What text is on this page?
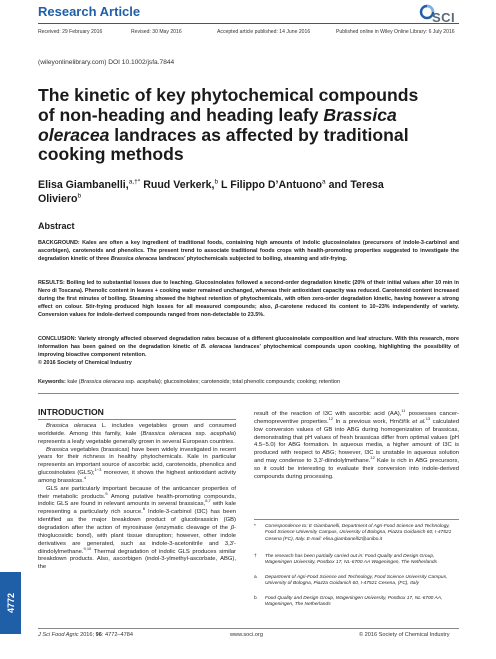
Research Article	SCI
Received: 29 February 2016	Revised: 30 May 2016	Accepted article published: 14 June 2016	Published online in Wiley Online Library: 6 July 2016
(wileyonlinelibrary.com) DOI 10.1002/jsfa.7844
The kinetic of key phytochemical compounds
of non-heading and heading leafy Brassica
oleracea landraces as affected by traditional
cooking methods
Elisa Giambanelli,$^{a,\dagger*}$ Ruud Verkerk,$^b$ L Filippo D’Antuono$^a$ and Teresa
Oliviero$^b$
Abstract
BACKGROUND: Kales are often a key ingredient of traditional foods, containing high amounts of indolic glucosinolates (precursors of indole-3-carbinol and ascorbigen), carotenoids and phenolics. The present trend to associate traditional foods crops with health-promoting properties suggested to investigate the degradation kinetic of three Brassica oleracea landraces’ phytochemicals subjected to boiling, steaming and stir-frying.
RESULTS: Boiling led to substantial losses due to leaching. Glucosinolates followed a second-order degradation kinetic (20% of their initial values after 10 min in Nero di Toscana). Phenolic content in leaves + cooking water remained unchanged, whereas their antioxidant capacity was reduced. Carotenoid content increased during the first minutes of boiling. Steaming showed the highest retention of phytochemicals, with often zero-order degradation kinetic, having however a strong effect on colour. Stir-frying produced high losses for all measured compounds; also, β-carotene reduced its content to 10−23% independently of variety. Conversion values for indole-derived compounds ranged from non-detectable to 23.5%.
CONCLUSION: Variety strongly affected observed degradation rates because of a different glucosinolate composition and leaf structure. With this research, more information has been gained on the degradation kinetic of B. oleracea landraces’ phytochemical compounds upon cooking, highlighting the possibility of improving bioactive component retention.
© 2016 Society of Chemical Industry
Keywords: kale (Brassica oleracea ssp. acephala); glucosinolates; carotenoids; total phenolic compounds; cooking; retention
INTRODUCTION

Brassica oleracea L. includes vegetables grown and consumed worldwide. Among this family, kale (Brassica oleracea ssp. acephala) represents a leafy vegetable generally grown in several European countries.

Brassica vegetables (brassicas) have been widely investigated in recent years for their richness in healthy phytochemicals. Kale in particular represents an important source of ascorbic acid, carotenoids, phenolics and glucosinolates (GLS);$^{1-3}$ moreover, it shows the highest antioxidant activity among brassicas.$^4$

GLS are particularly important because of the anticancer properties of their metabolic products.$^5$ Among putative health-promoting compounds, indolic GLS are found in relevant amounts in several brassicas,$^{6,7}$ with kale representing a particularly rich source.$^8$ Indole-3-carbinol (I3C) has been identified as the major breakdown product of glucobrassicin (GB) degradation after the action of myrosinase (enzymatic cleavage of the β-thioglucosidic bond), with plant tissue disruption; however, other indole derivatives are generated, such as indole-3-acetonitrile and 3,3′-diindolylmethane.$^{9,10}$ Thermal degradation of indolic GLS produces similar breakdown products. Also, ascorbigen (indol-3-ylmethyl-ascorbate, ABG), the

result of the reaction of I3C with ascorbic acid (AA),$^{11}$ possesses cancer-chemopreventive properties.$^{12}$ In a previous work, Hrnčiřík et al.$^{13}$ calculated low conversion values of GB into ABG during homogenization of brassicas, demonstrating that pH values of fresh brassicas differ from optimal values (pH 4.5−5.0) for ABG formation. In aqueous media, a higher amount of I3C is produced with respect to ABG; however, I3C is unstable in aqueous solution and may condense to 3,3′-diindolylmethane.$^{12}$ Kale is rich in ABG precursors, so it could be interesting to evaluate their conversion into indole-derived compounds during processing.

*	Correspondence to: E Giambanelli, Department of Agri-Food Science and Technology, Food Science University Campus, University of Bologna, Piazza Goidanich 60, I-47521 Cesena (FC), Italy. E-mail: elisa.giambanelli2@unibo.it
†	The research has been partially carried out in: Food Quality and Design Group, Wageningen University, Postbox 17, NL-6700 AA Wageningen, The Netherlands
a	Department of Agri-Food Science and Technology, Food Science University Campus, University of Bologna, Piazza Goidanich 60, I-47521 Cesena, (FC), Italy
b	Food Quality and Design Group, Wageningen University, Postbox 17, NL-6700 AA, Wageningen, The Netherlands
J Sci Food Agric 2016; 96: 4772–4784	www.soci.org	© 2016 Society of Chemical Industry
4772
